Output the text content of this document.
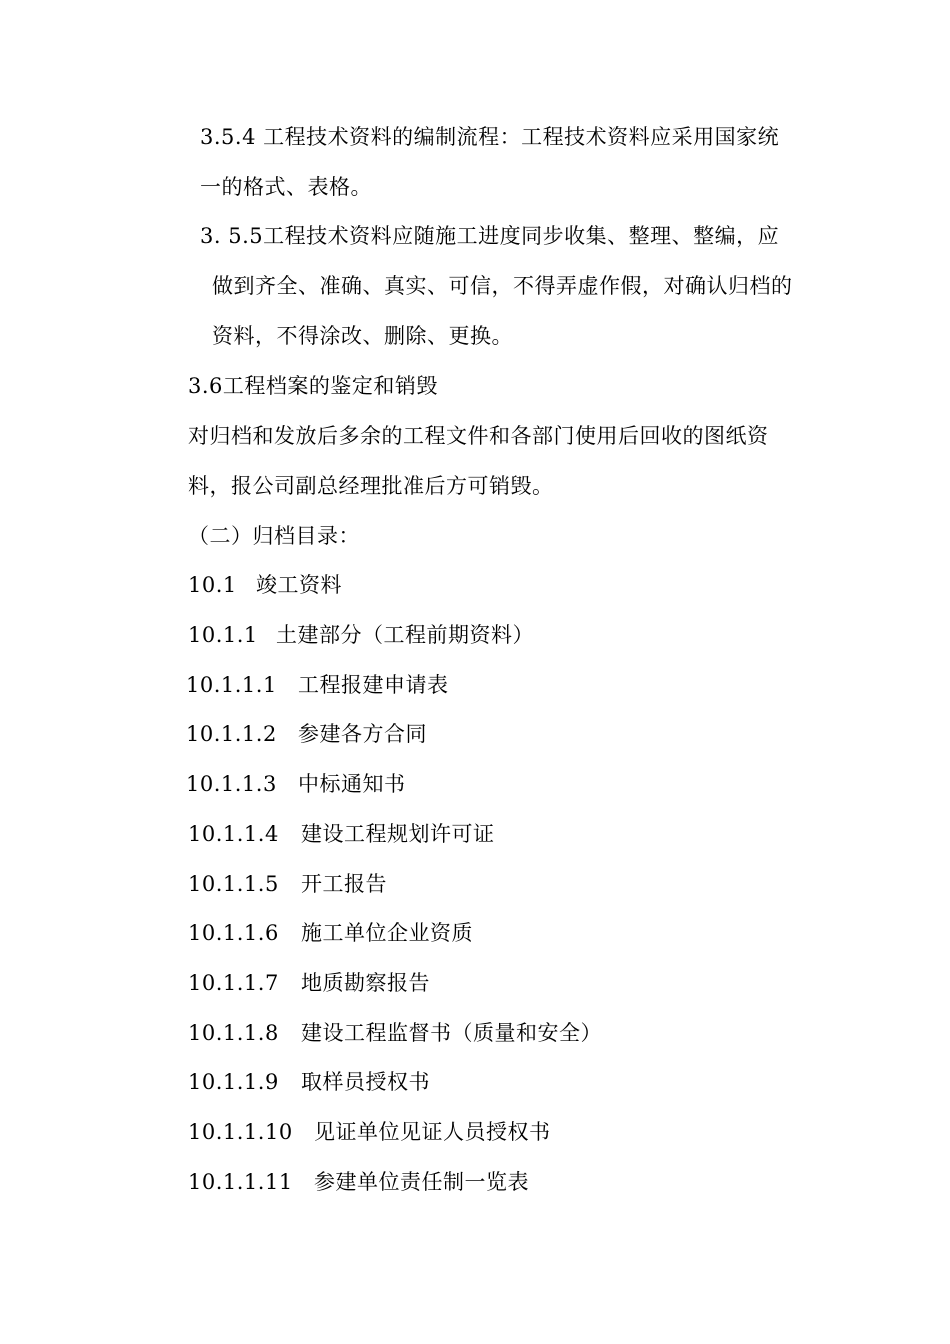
3.5.4 工程技术资料的编制流程：工程技术资料应采用国家统
一的格式、表格。
3. 5.5工程技术资料应随施工进度同步收集、整理、整编，应
做到齐全、准确、真实、可信，不得弄虚作假，对确认归档的
资料，不得涂改、删除、更换。
3.6工程档案的鉴定和销毁
对归档和发放后多余的工程文件和各部门使用后回收的图纸资
料，报公司副总经理批准后方可销毁。
（二）归档目录：
10.1 竣工资料
10.1.1 土建部分（工程前期资料）
10.1.1.1 工程报建申请表
10.1.1.2 参建各方合同
10.1.1.3 中标通知书
10.1.1.4 建设工程规划许可证
10.1.1.5 开工报告
10.1.1.6 施工单位企业资质
10.1.1.7 地质勘察报告
10.1.1.8 建设工程监督书（质量和安全）
10.1.1.9 取样员授权书
10.1.1.10 见证单位见证人员授权书
10.1.1.11 参建单位责任制一览表
